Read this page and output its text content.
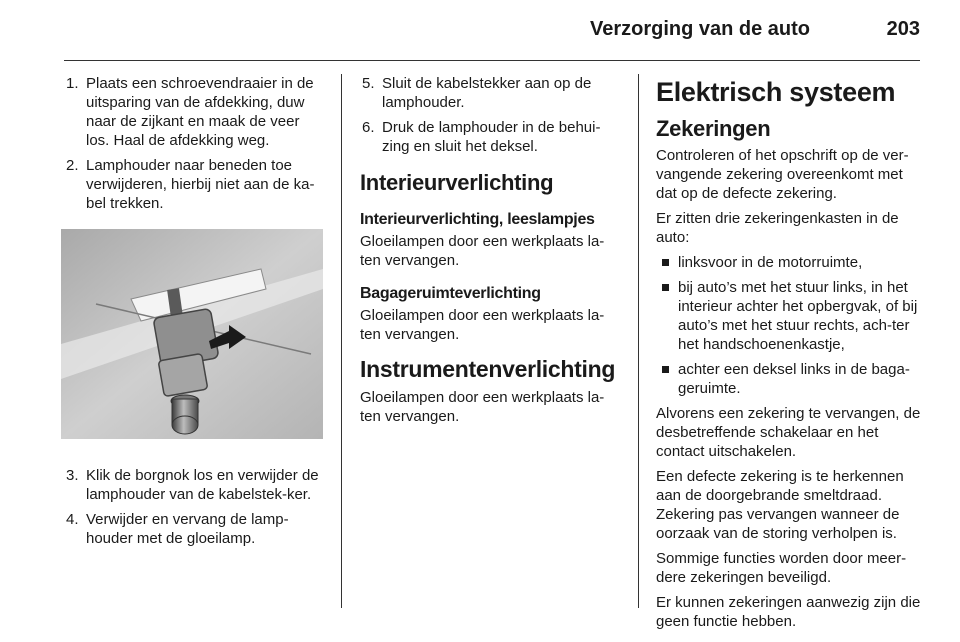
Verzorging van de auto	203
1. Plaats een schroevendraaier in de uitsparing van de afdekking, duw naar de zijkant en maak de veer los. Haal de afdekking weg.
2. Lamphouder naar beneden toe verwijderen, hierbij niet aan de ka-bel trekken.
3. Klik de borgnok los en verwijder de lamphouder van de kabelstek-ker.
4. Verwijder en vervang de lamp-houder met de gloeilamp.
5. Sluit de kabelstekker aan op de lamphouder.
6. Druk de lamphouder in de behui-zing en sluit het deksel.
Interieurverlichting
Interieurverlichting, leeslampjes

Gloeilampen door een werkplaats la-ten vervangen.

Bagageruimteverlichting

Gloeilampen door een werkplaats la-ten vervangen.

Instrumentenverlichting

Gloeilampen door een werkplaats la-ten vervangen.

Elektrisch systeem
Zekeringen

Controleren of het opschrift op de ver-vangende zekering overeenkomt met dat op de defecte zekering.

Er zitten drie zekeringenkasten in de auto:

linksvoor in de motorruimte,
bij auto’s met het stuur links, in het interieur achter het opbergvak, of bij auto’s met het stuur rechts, ach-ter het handschoenenkastje,
achter een deksel links in de baga-geruimte.

Alvorens een zekering te vervangen, de desbetreffende schakelaar en het contact uitschakelen.

Een defecte zekering is te herkennen aan de doorgebrande smeltdraad. Zekering pas vervangen wanneer de oorzaak van de storing verholpen is.

Sommige functies worden door meer-dere zekeringen beveiligd.

Er kunnen zekeringen aanwezig zijn die geen functie hebben.
